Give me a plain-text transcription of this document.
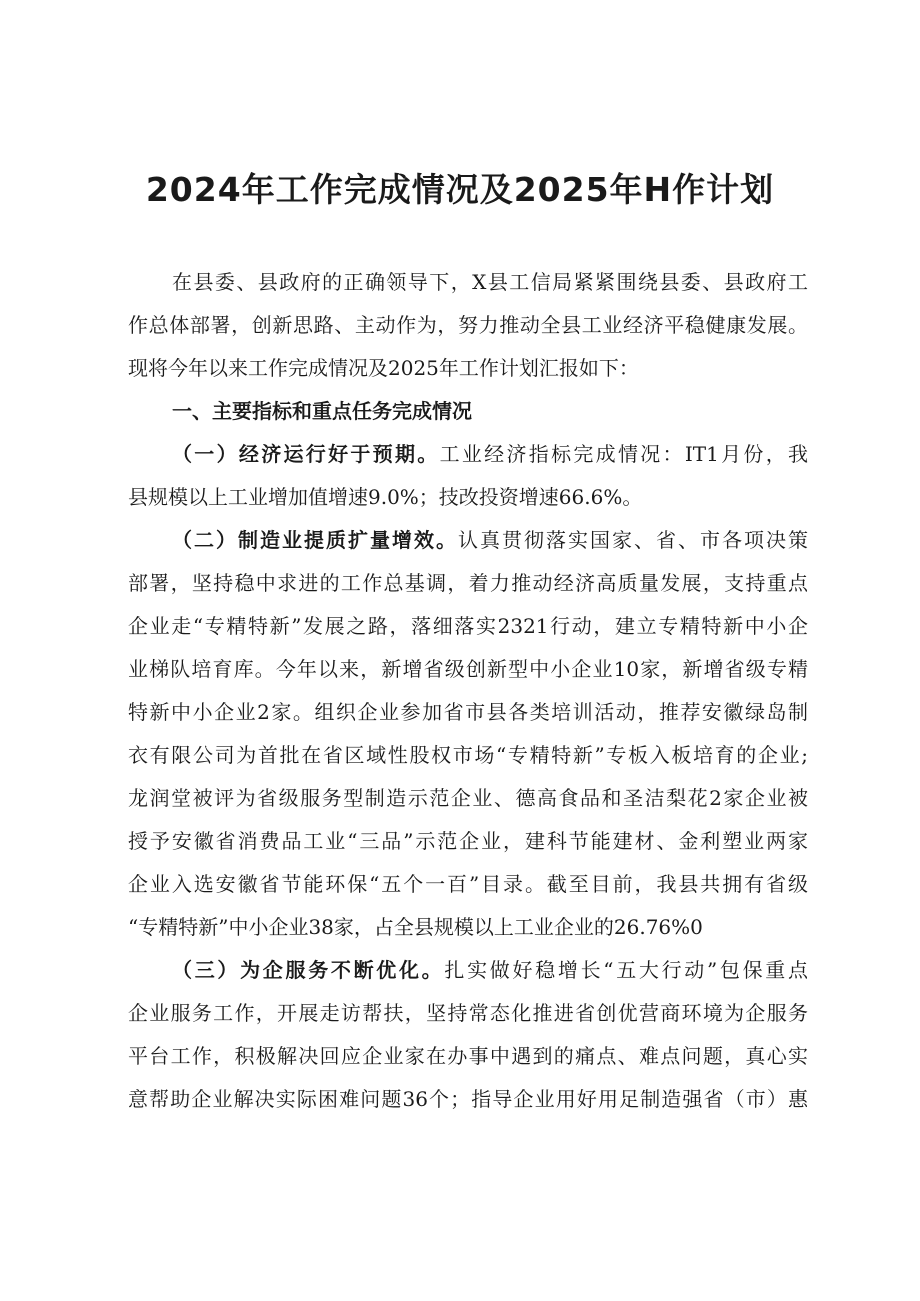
2024年工作完成情况及2025年H作计划
在县委、县政府的正确领导下，X县工信局紧紧围绕县委、县政府工
作总体部署，创新思路、主动作为，努力推动全县工业经济平稳健康发展。
现将今年以来工作完成情况及2025年工作计划汇报如下：
一、主要指标和重点任务完成情况
（一）经济运行好于预期。工业经济指标完成情况：IT1月份，我
县规模以上工业增加值增速9.0%；技改投资增速66.6%。
（二）制造业提质扩量增效。认真贯彻落实国家、省、市各项决策
部署，坚持稳中求进的工作总基调，着力推动经济高质量发展，支持重点
企业走“专精特新”发展之路，落细落实2321行动，建立专精特新中小企
业梯队培育库。今年以来，新增省级创新型中小企业10家，新增省级专精
特新中小企业2家。组织企业参加省市县各类培训活动，推荐安徽绿岛制
衣有限公司为首批在省区域性股权市场“专精特新”专板入板培育的企业;
龙润堂被评为省级服务型制造示范企业、德高食品和圣洁梨花2家企业被
授予安徽省消费品工业“三品”示范企业，建科节能建材、金利塑业两家
企业入选安徽省节能环保“五个一百”目录。截至目前，我县共拥有省级
“专精特新”中小企业38家，占全县规模以上工业企业的26.76%0
（三）为企服务不断优化。扎实做好稳增长“五大行动”包保重点
企业服务工作，开展走访帮扶，坚持常态化推进省创优营商环境为企服务
平台工作，积极解决回应企业家在办事中遇到的痛点、难点问题，真心实
意帮助企业解决实际困难问题36个；指导企业用好用足制造强省（市）惠
